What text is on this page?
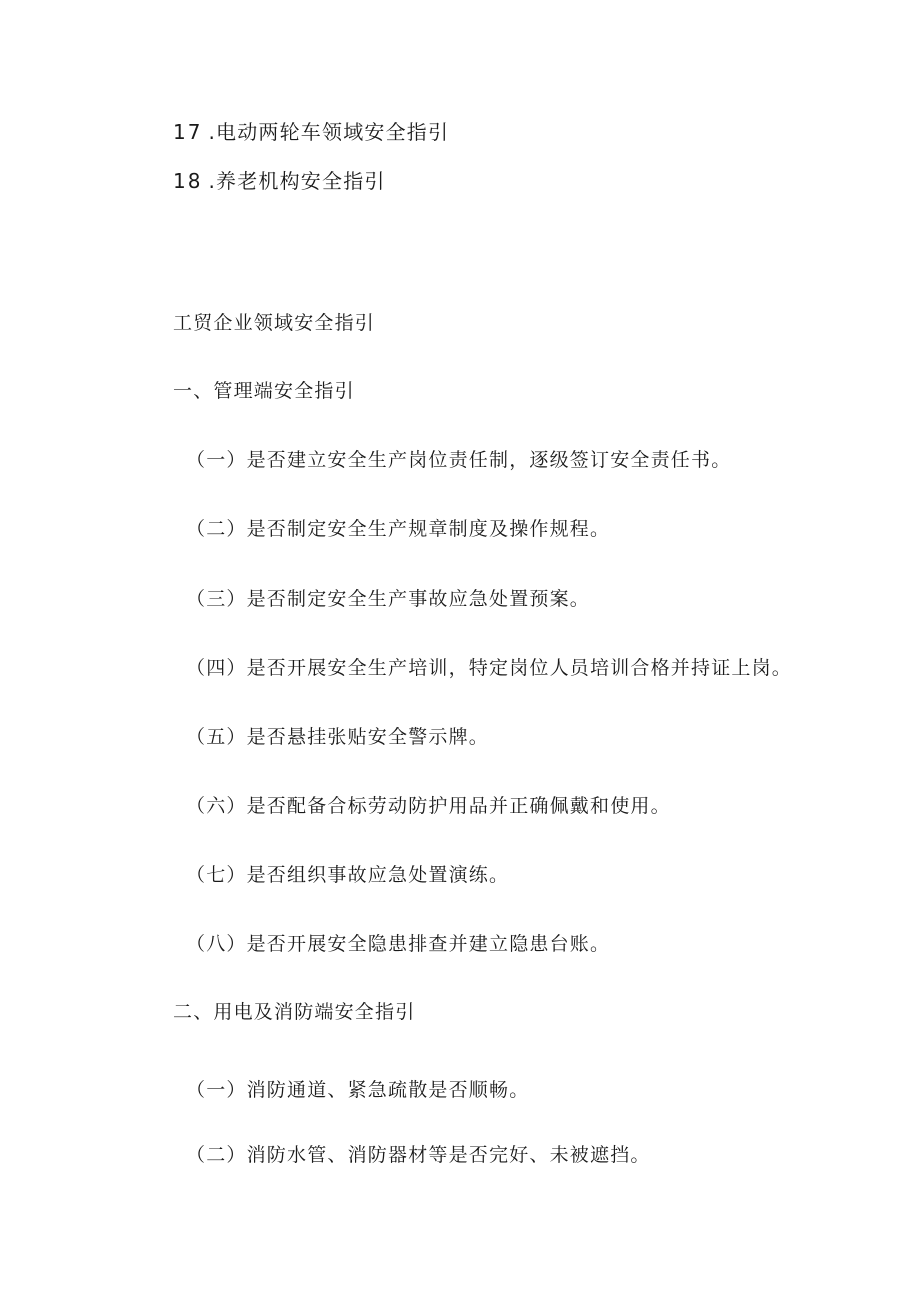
17 .电动两轮车领域安全指引
18 .养老机构安全指引
工贸企业领域安全指引
一、管理端安全指引
（一）是否建立安全生产岗位责任制，逐级签订安全责任书。
（二）是否制定安全生产规章制度及操作规程。
（三）是否制定安全生产事故应急处置预案。
（四）是否开展安全生产培训，特定岗位人员培训合格并持证上岗。
（五）是否悬挂张贴安全警示牌。
（六）是否配备合标劳动防护用品并正确佩戴和使用。
（七）是否组织事故应急处置演练。
（八）是否开展安全隐患排查并建立隐患台账。
二、用电及消防端安全指引
（一）消防通道、紧急疏散是否顺畅。
（二）消防水管、消防器材等是否完好、未被遮挡。
